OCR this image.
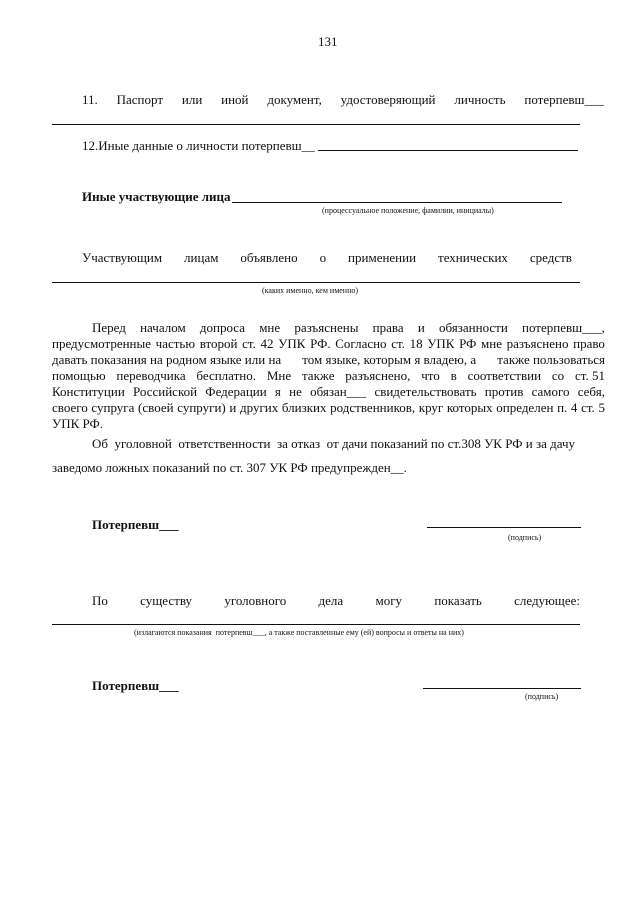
131
11. Паспорт или иной документ, удостоверяющий личность потерпевш___
12.Иные данные о личности потерпевш__
Иные участвующие лица
(процессуальное положение, фамилии, инициалы)
Участвующим лицам объявлено о применении технических средств
(каких именно, кем именно)
Перед началом допроса мне разъяснены права и обязанности потерпевш___,
предусмотренные частью второй ст. 42 УПК РФ. Согласно ст. 18 УПК РФ мне разъяснено право
давать показания на родном языке или на том языке, которым я владею, а также пользоваться
помощью переводчика бесплатно. Мне также разъяснено, что в соответствии со ст. 51
Конституции Российской Федерации я не обязан___ свидетельствовать против самого себя,
своего супруга (своей супруги) и других близких родственников, круг которых определен п. 4 ст. 5
УПК РФ.
Об  уголовной  ответственности  за отказ  от дачи показаний по ст.308 УК РФ и за дачу
заведомо ложных показаний по ст. 307 УК РФ предупрежден__.
Потерпевш___
(подпись)
По существу уголовного дела могу показать следующее:
(излагаются показания  потерпевш___, а также поставленные ему (ей) вопросы и ответы на них)
Потерпевш___
(подпись)
